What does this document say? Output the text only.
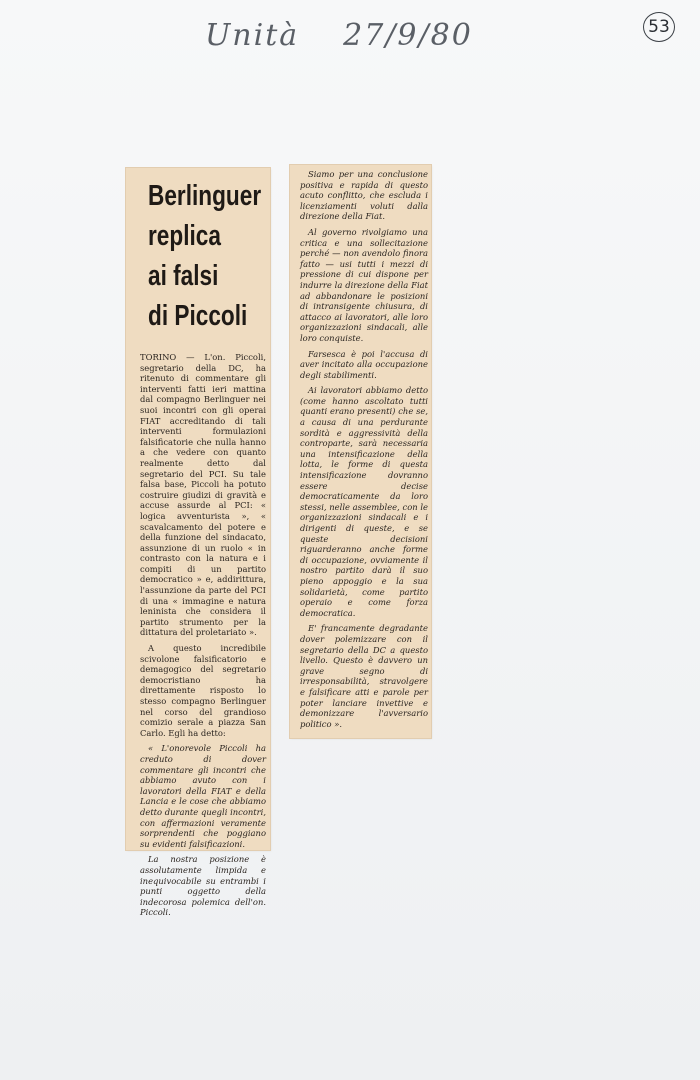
Unità 27/9/80	53
Berlinguer
replica
ai falsi
di Piccoli

TORINO — L'on. Piccoli, segretario della DC, ha ritenuto di commentare gli interventi fatti ieri mattina dal compagno Berlinguer nei suoi incontri con gli operai FIAT accreditando di tali interventi formulazioni falsificatorie che nulla hanno a che vedere con quanto realmente detto dal segretario del PCI. Su tale falsa base, Piccoli ha potuto costruire giudizi di gravità e accuse assurde al PCI: « logica avventurista », « scavalcamento del potere e della funzione del sindacato, assunzione di un ruolo « in contrasto con la natura e i compiti di un partito democratico » e, addirittura, l'assunzione da parte del PCI di una « immagine e natura leninista che considera il partito strumento per la dittatura del proletariato ».

A questo incredibile scivolone falsificatorio e demagogico del segretario democristiano ha direttamente risposto lo stesso compagno Berlinguer nel corso del grandioso comizio serale a piazza San Carlo. Egli ha detto:

« L'onorevole Piccoli ha creduto di dover commentare gli incontri che abbiamo avuto con i lavoratori della FIAT e della Lancia e le cose che abbiamo detto durante quegli incontri, con affermazioni veramente sorprendenti che poggiano su evidenti falsificazioni.

La nostra posizione è assolutamente limpida e inequivocabile su entrambi i punti oggetto della indecorosa polemica dell'on. Piccoli.

Siamo per una conclusione positiva e rapida di questo acuto conflitto, che escluda i licenziamenti voluti dalla direzione della Fiat.

Al governo rivolgiamo una critica e una sollecitazione perché — non avendolo finora fatto — usi tutti i mezzi di pressione di cui dispone per indurre la direzione della Fiat ad abbandonare le posizioni di intransigente chiusura, di attacco ai lavoratori, alle loro organizzazioni sindacali, alle loro conquiste.

Farsesca è poi l'accusa di aver incitato alla occupazione degli stabilimenti.

Ai lavoratori abbiamo detto (come hanno ascoltato tutti quanti erano presenti) che se, a causa di una perdurante sordità e aggressività della controparte, sarà necessaria una intensificazione della lotta, le forme di questa intensificazione dovranno essere decise democraticamente da loro stessi, nelle assemblee, con le organizzazioni sindacali e i dirigenti di queste, e se queste decisioni riguarderanno anche forme di occupazione, ovviamente il nostro partito darà il suo pieno appoggio e la sua solidarietà, come partito operaio e come forza democratica.

E' francamente degradante dover polemizzare con il segretario della DC a questo livello. Questo è davvero un grave segno di irresponsabilità, stravolgere e falsificare atti e parole per poter lanciare invettive e demonizzare l'avversario politico ».
